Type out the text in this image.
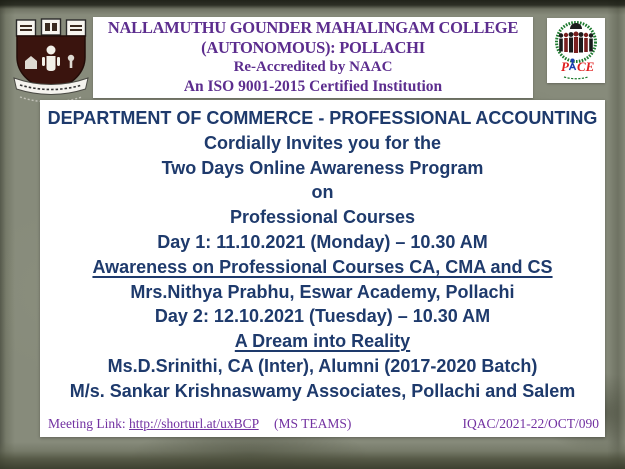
NALLAMUTHU GOUNDER MAHALINGAM COLLEGE
(AUTONOMOUS): POLLACHI
Re-Accredited by NAAC
An ISO 9001-2015 Certified Institution
P CE
DEPARTMENT OF COMMERCE - PROFESSIONAL ACCOUNTING
Cordially Invites you for the
Two Days Online Awareness Program
on
Professional Courses
Day 1: 11.10.2021 (Monday) – 10.30 AM
Awareness on Professional Courses CA, CMA and CS
Mrs.Nithya Prabhu, Eswar Academy, Pollachi
Day 2: 12.10.2021 (Tuesday) – 10.30 AM
A Dream into Reality
Ms.D.Srinithi, CA (Inter), Alumni (2017-2020 Batch)
M/s. Sankar Krishnaswamy Associates, Pollachi and Salem
Meeting Link: http://shorturl.at/uxBCP (MS TEAMS)	IQAC/2021-22/OCT/090
